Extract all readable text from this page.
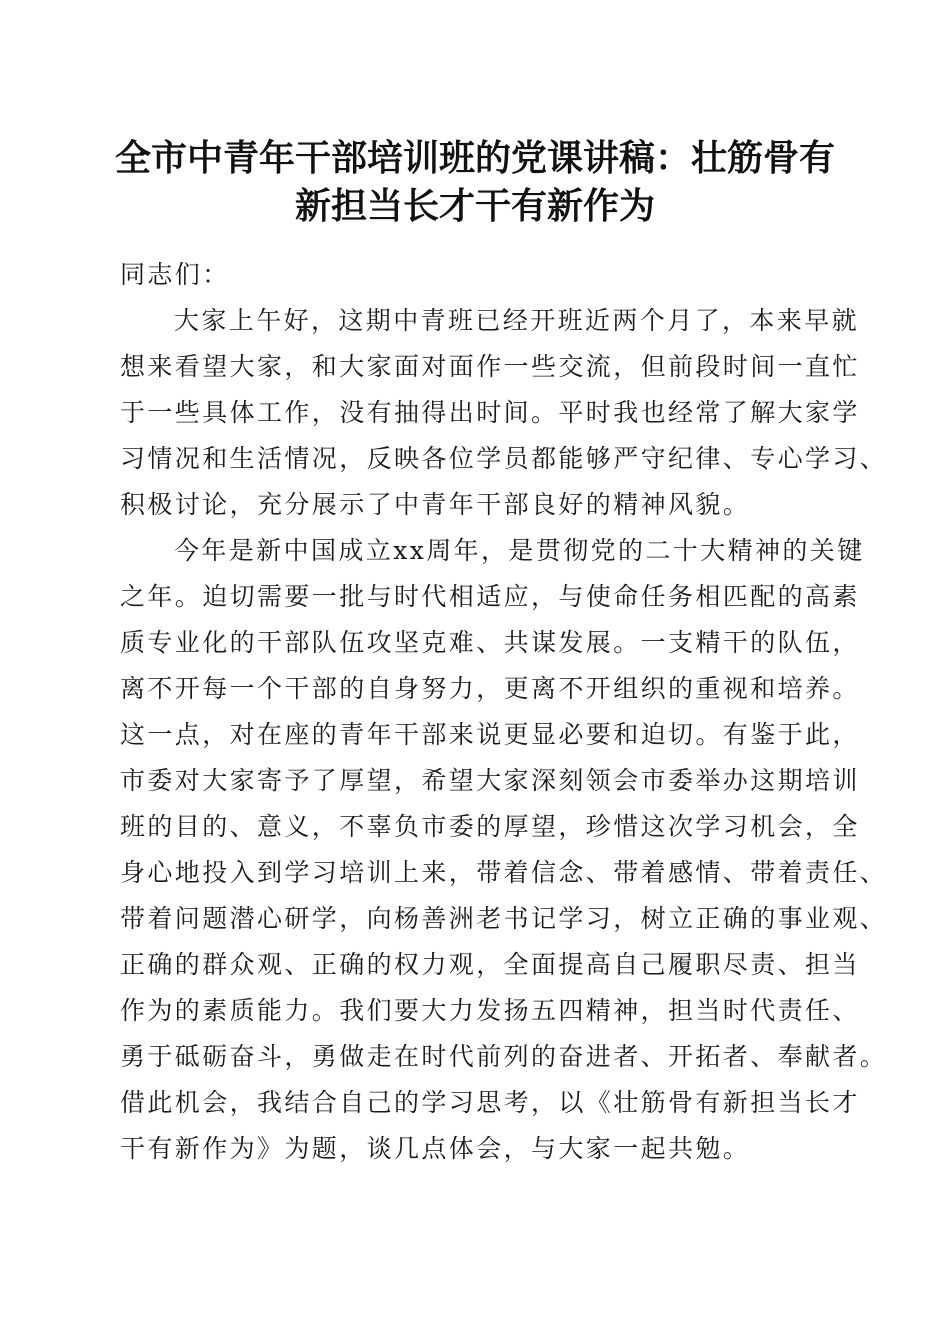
全市中青年干部培训班的党课讲稿：壮筋骨有
新担当长才干有新作为
同志们：
大家上午好，这期中青班已经开班近两个月了，本来早就
想来看望大家，和大家面对面作一些交流，但前段时间一直忙
于一些具体工作，没有抽得出时间。平时我也经常了解大家学
习情况和生活情况，反映各位学员都能够严守纪律、专心学习、
积极讨论，充分展示了中青年干部良好的精神风貌。
今年是新中国成立xx周年，是贯彻党的二十大精神的关键
之年。迫切需要一批与时代相适应，与使命任务相匹配的高素
质专业化的干部队伍攻坚克难、共谋发展。一支精干的队伍，
离不开每一个干部的自身努力，更离不开组织的重视和培养。
这一点，对在座的青年干部来说更显必要和迫切。有鉴于此，
市委对大家寄予了厚望，希望大家深刻领会市委举办这期培训
班的目的、意义，不辜负市委的厚望，珍惜这次学习机会，全
身心地投入到学习培训上来，带着信念、带着感情、带着责任、
带着问题潜心研学，向杨善洲老书记学习，树立正确的事业观、
正确的群众观、正确的权力观，全面提高自己履职尽责、担当
作为的素质能力。我们要大力发扬五四精神，担当时代责任、
勇于砥砺奋斗，勇做走在时代前列的奋进者、开拓者、奉献者。
借此机会，我结合自己的学习思考，以《壮筋骨有新担当长才
干有新作为》为题，谈几点体会，与大家一起共勉。
